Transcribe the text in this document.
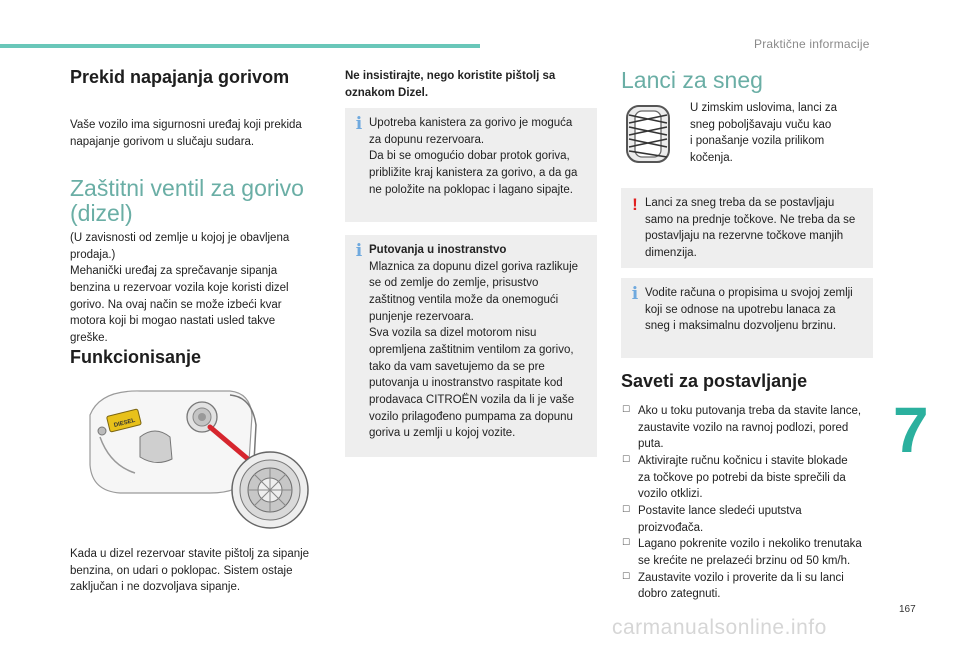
Praktične informacije
Prekid napajanja gorivom
Vaše vozilo ima sigurnosni uređaj koji prekida
napajanje gorivom u slučaju sudara.
Zaštitni ventil za gorivo
(dizel)
(U zavisnosti od zemlje u kojoj je obavljena
prodaja.)
Mehanički uređaj za sprečavanje sipanja
benzina u rezervoar vozila koje koristi dizel
gorivo. Na ovaj način se može izbeći kvar
motora koji bi mogao nastati usled takve
greške.
Funkcionisanje
DIESEL
Kada u dizel rezervoar stavite pištolj za sipanje
benzina, on udari o poklopac. Sistem ostaje
zaključan i ne dozvoljava sipanje.
Ne insistirajte, nego koristite pištolj sa
oznakom Dizel.
i Upotreba kanistera za gorivo je moguća
za dopunu rezervoara.
Da bi se omogućio dobar protok goriva,
približite kraj kanistera za gorivo, a da ga
ne položite na poklopac i lagano sipajte.
i Putovanja u inostranstvo
Mlaznica za dopunu dizel goriva razlikuje
se od zemlje do zemlje, prisustvo
zaštitnog ventila može da onemogući
punjenje rezervoara.
Sva vozila sa dizel motorom nisu
opremljena zaštitnim ventilom za gorivo,
tako da vam savetujemo da se pre
putovanja u inostranstvo raspitate kod
prodavaca CITROËN vozila da li je vaše
vozilo prilagođeno pumpama za dopunu
goriva u zemlji u kojoj vozite.
Lanci za sneg
U zimskim uslovima, lanci za
sneg poboljšavaju vuču kao
i ponašanje vozila prilikom
kočenja.
! Lanci za sneg treba da se postavljaju
samo na prednje točkove. Ne treba da se
postavljaju na rezervne točkove manjih
dimenzija.
i Vodite računa o propisima u svojoj zemlji
koji se odnose na upotrebu lanaca za
sneg i maksimalnu dozvoljenu brzinu.
Saveti za postavljanje
☐ Ako u toku putovanja treba da stavite lance,
zaustavite vozilo na ravnoj podlozi, pored
puta.
☐ Aktivirajte ručnu kočnicu i stavite blokade
za točkove po potrebi da biste sprečili da
vozilo otklizi.
☐ Postavite lance sledeći uputstva
proizvođača.
☐ Lagano pokrenite vozilo i nekoliko trenutaka
se krećite ne prelazeći brzinu od 50 km/h.
☐ Zaustavite vozilo i proverite da li su lanci
dobro zategnuti.
7
167
carmanualsonline.info
